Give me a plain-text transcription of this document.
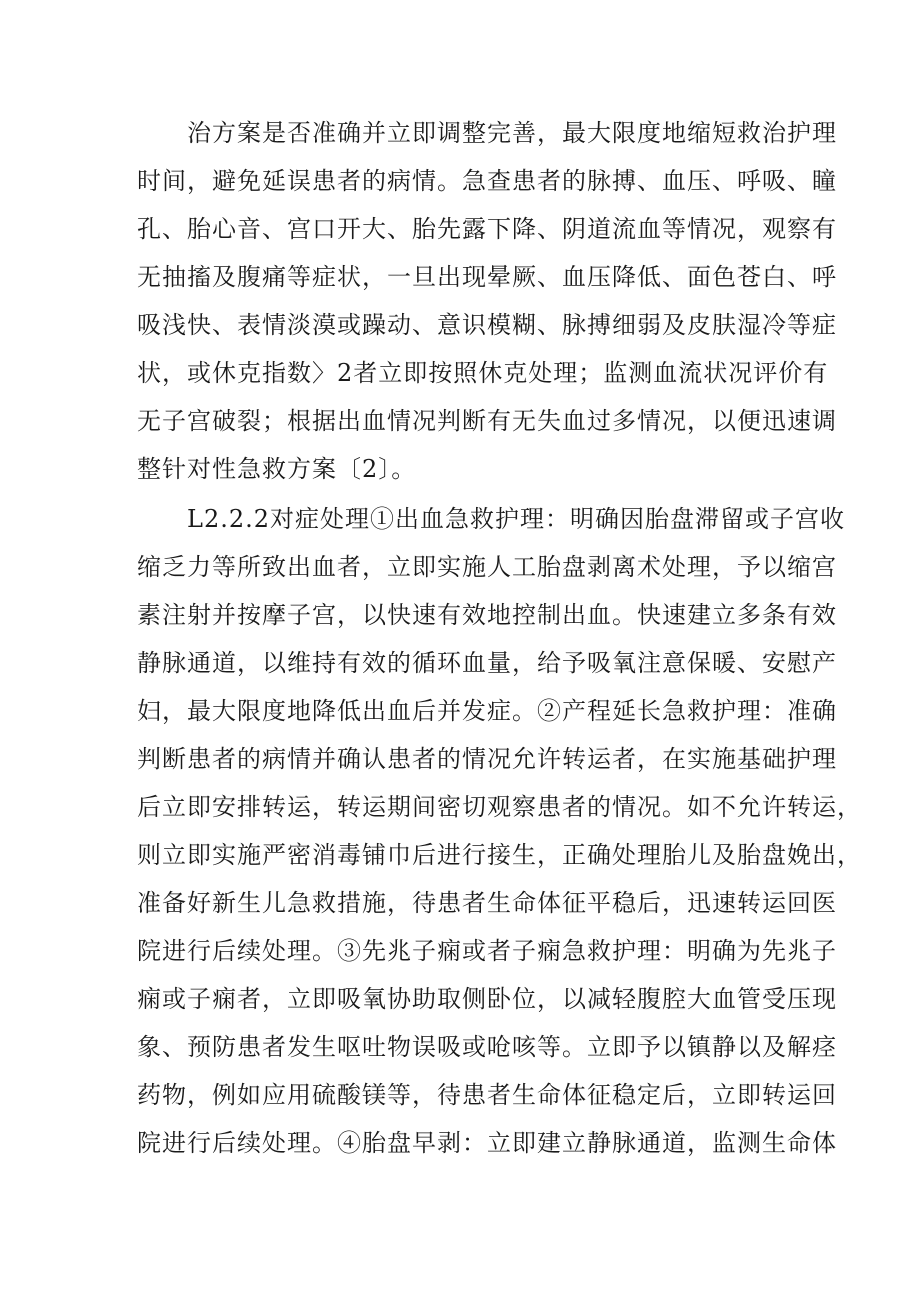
治方案是否准确并立即调整完善，最大限度地缩短救治护理
时间，避免延误患者的病情。急查患者的脉搏、血压、呼吸、瞳
孔、胎心音、宫口开大、胎先露下降、阴道流血等情况，观察有
无抽搐及腹痛等症状，一旦出现晕厥、血压降低、面色苍白、呼
吸浅快、表情淡漠或躁动、意识模糊、脉搏细弱及皮肤湿冷等症
状，或休克指数〉2者立即按照休克处理；监测血流状况评价有
无子宫破裂；根据出血情况判断有无失血过多情况，以便迅速调
整针对性急救方案〔2〕。
L2.2.2对症处理①出血急救护理：明确因胎盘滞留或子宫收
缩乏力等所致出血者，立即实施人工胎盘剥离术处理，予以缩宫
素注射并按摩子宫，以快速有效地控制出血。快速建立多条有效
静脉通道，以维持有效的循环血量，给予吸氧注意保暖、安慰产
妇，最大限度地降低出血后并发症。②产程延长急救护理：准确
判断患者的病情并确认患者的情况允许转运者，在实施基础护理
后立即安排转运，转运期间密切观察患者的情况。如不允许转运，
则立即实施严密消毒铺巾后进行接生，正确处理胎儿及胎盘娩出，
准备好新生儿急救措施，待患者生命体征平稳后，迅速转运回医
院进行后续处理。③先兆子痫或者子痫急救护理：明确为先兆子
痫或子痫者，立即吸氧协助取侧卧位，以减轻腹腔大血管受压现
象、预防患者发生呕吐物误吸或呛咳等。立即予以镇静以及解痉
药物，例如应用硫酸镁等，待患者生命体征稳定后，立即转运回
院进行后续处理。④胎盘早剥：立即建立静脉通道，监测生命体
